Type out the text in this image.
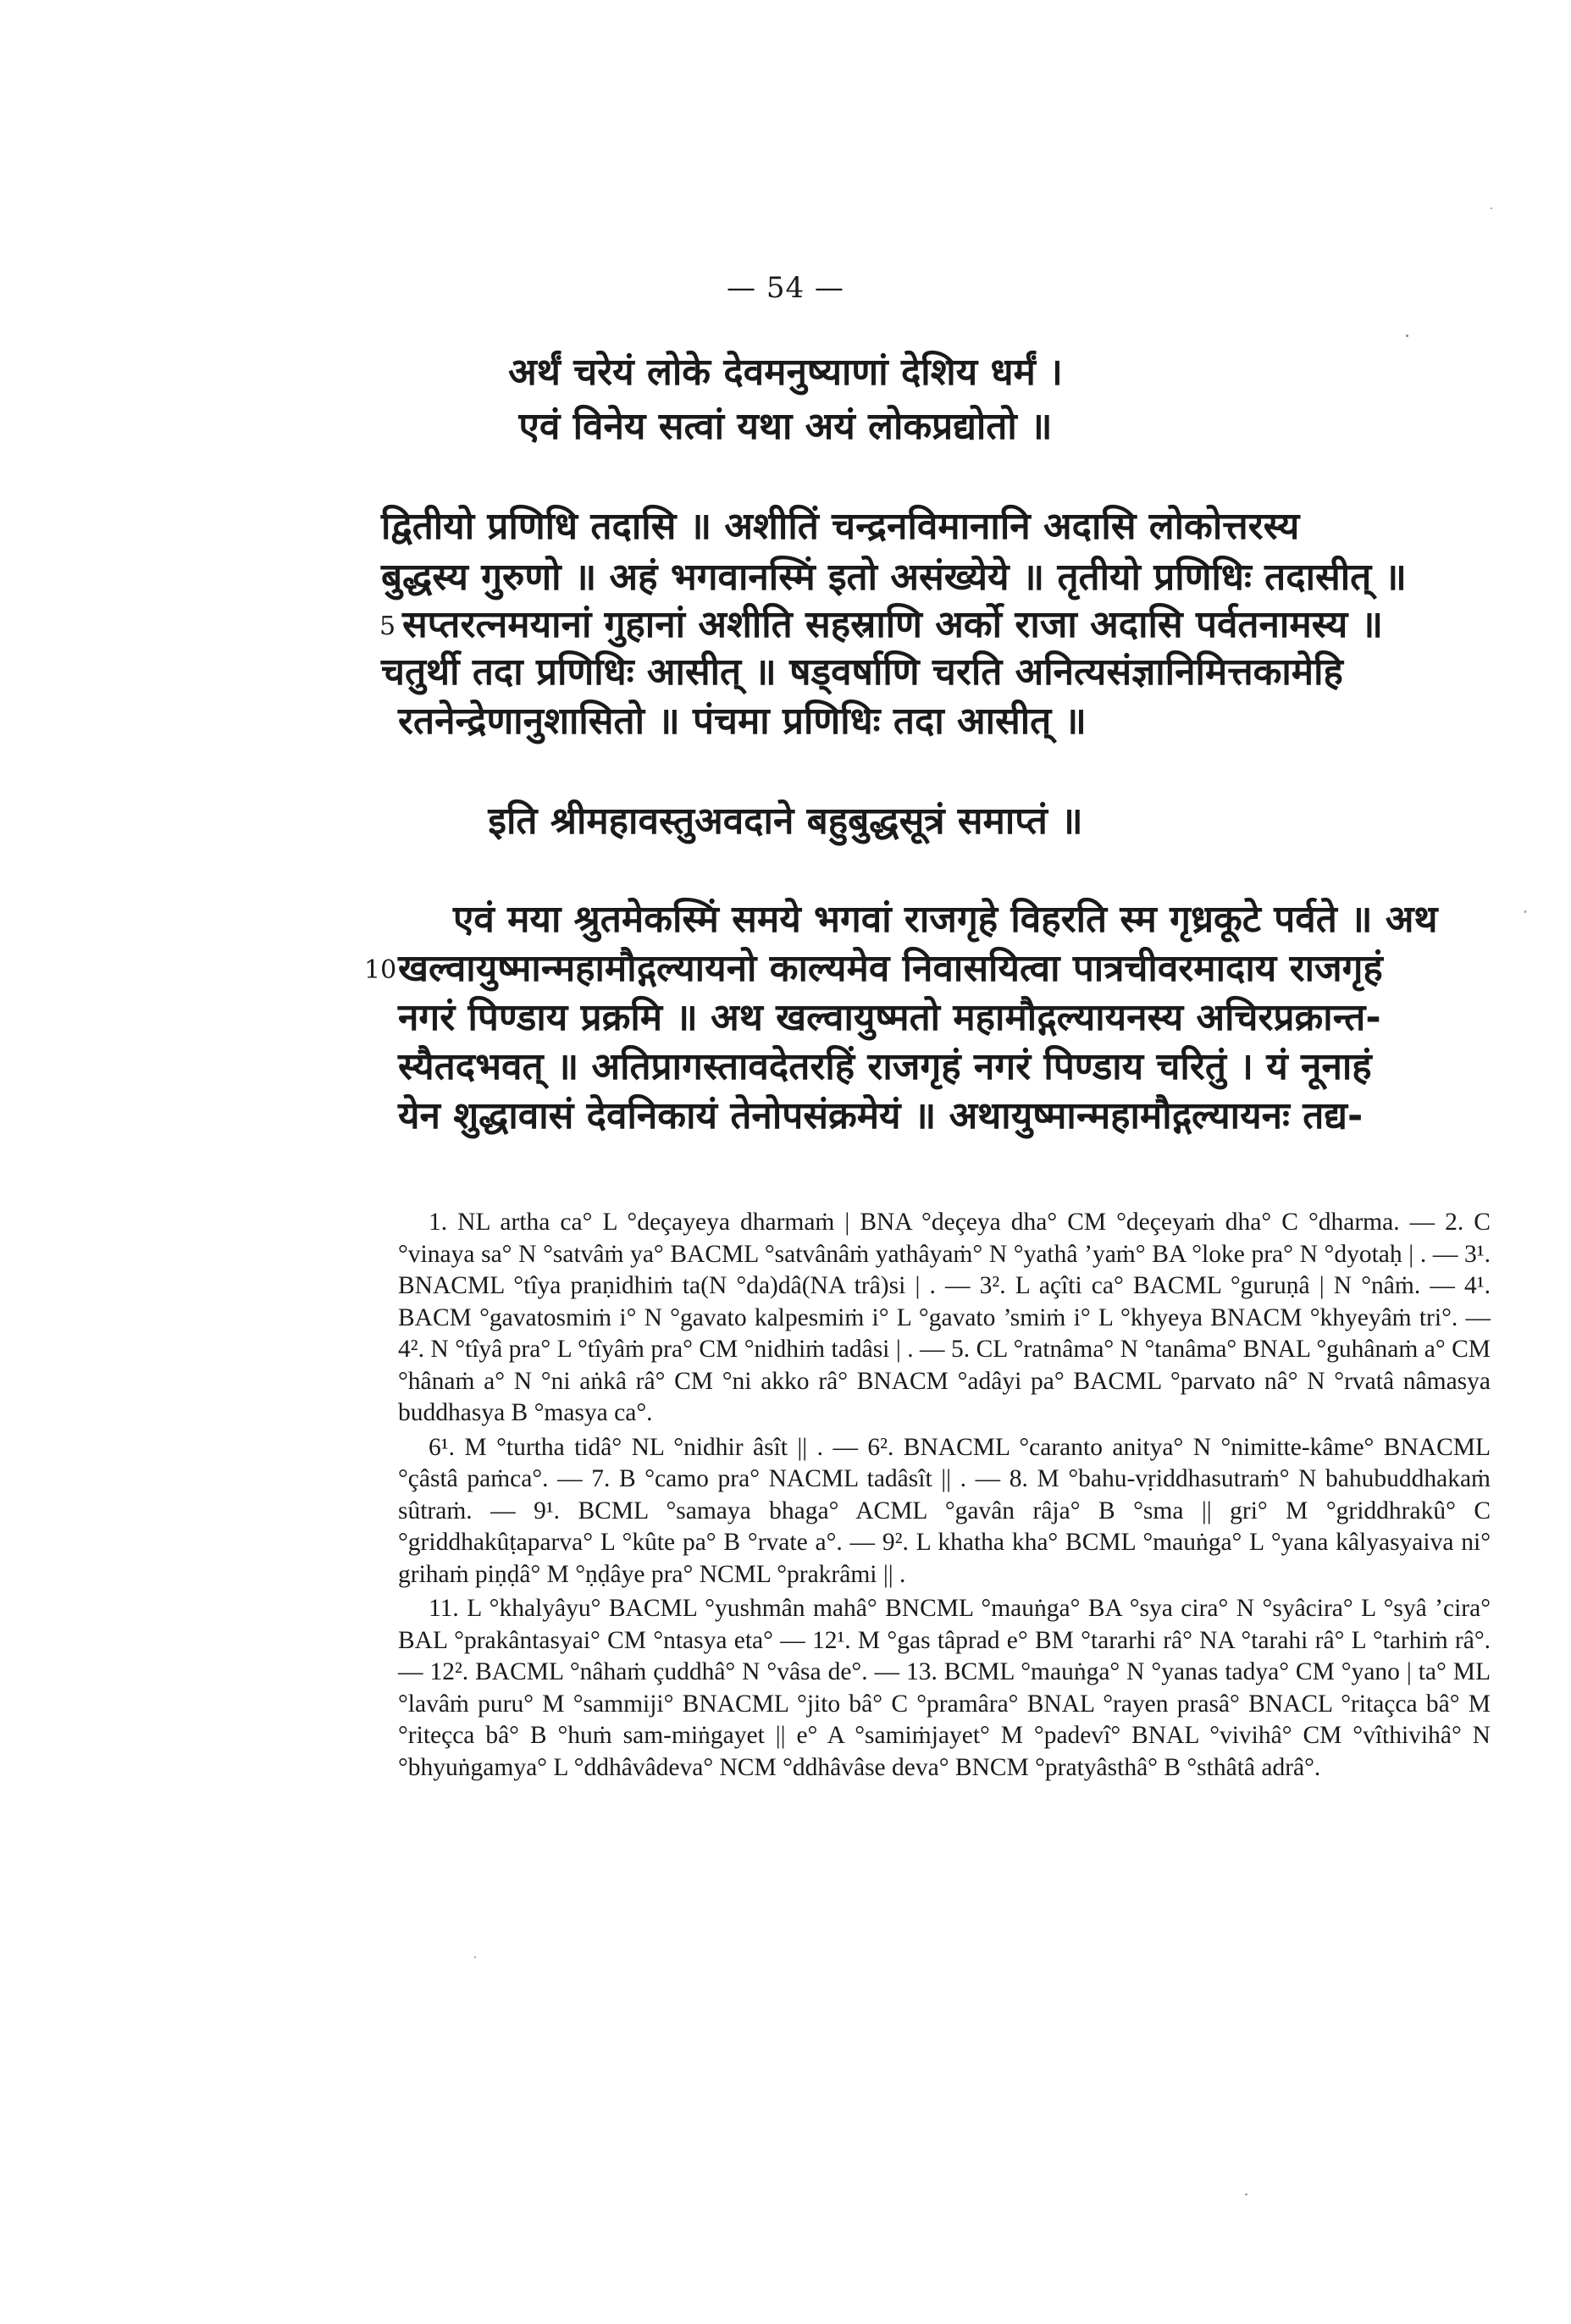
— 54 —
अर्थं चरेयं लोके देवमनुष्याणां देशिय धर्मं ।
एवं विनेय सत्वां यथा अयं लोकप्रद्योतो ॥
द्वितीयो प्रणिधि तदासि ॥ अशीतिं चन्द्रनविमानानि अदासि लोकोत्तरस्य
बुद्धस्य गुरुणो ॥ अहं भगवानस्मिं इतो असंख्येये ॥ तृतीयो प्रणिधिः तदासीत् ॥
5 सप्तरत्नमयानां गुहानां अशीति सहस्राणि अर्को राजा अदासि पर्वतनामस्य ॥
चतुर्थी तदा प्रणिधिः आसीत् ॥ षड्वर्षाणि चरति अनित्यसंज्ञानिमित्तकामेहि
रतनेन्द्रेणानुशासितो ॥ पंचमा प्रणिधिः तदा आसीत् ॥
इति श्रीमहावस्तुअवदाने बहुबुद्धसूत्रं समाप्तं ॥
एवं मया श्रुतमेकस्मिं समये भगवां राजगृहे विहरति स्म गृध्रकूटे पर्वते ॥ अथ
10 खल्वायुष्मान्महामौद्गल्यायनो काल्यमेव निवासयित्वा पात्रचीवरमादाय राजगृहं
नगरं पिण्डाय प्रक्रमि ॥ अथ खल्वायुष्मतो महामौद्गल्यायनस्य अचिरप्रक्रान्त-
स्यैतदभवत् ॥ अतिप्रागस्तावदेतरहिं राजगृहं नगरं पिण्डाय चरितुं । यं नूनाहं
येन शुद्धावासं देवनिकायं तेनोपसंक्रमेयं ॥ अथायुष्मान्महामौद्गल्यायनः तद्य-

1. NL artha ca° L °deçayeya dharmaṁ | BNA °deçeya dha° CM °deçeyaṁ dha° C °dharma. — 2. C °vinaya sa° N °satvâṁ ya° BACML °satvânâṁ yathâyaṁ° N °yathâ ’yaṁ° BA °loke pra° N °dyotaḥ | . — 3¹. BNACML °tîya praṇidhiṁ ta(N °da)dâ(NA trâ)si | . — 3². L açîti ca° BACML °guruṇâ | N °nâṁ. — 4¹. BACM °gavatosmiṁ i° N °gavato kalpesmiṁ i° L °gavato ’smiṁ i° L °khyeya BNACM °khyeyâṁ tri°. — 4². N °tîyâ pra° L °tîyâṁ pra° CM °nidhiṁ tadâsi | . — 5. CL °ratnâma° N °tanâma° BNAL °guhânaṁ a° CM °hânaṁ a° N °ni aṅkâ râ° CM °ni akko râ° BNACM °adâyi pa° BACML °parvato nâ° N °rvatâ nâmasya buddhasya B °masya ca°.

6¹. M °turtha tidâ° NL °nidhir âsît || . — 6². BNACML °caranto anitya° N °nimitte-kâme° BNACML °çâstâ paṁca°. — 7. B °camo pra° NACML tadâsît || . — 8. M °bahu-vṛiddhasutraṁ° N bahubuddhakaṁ sûtraṁ. — 9¹. BCML °samaya bhaga° ACML °gavân râja° B °sma || gri° M °griddhrakû° C °griddhakûṭaparva° L °kûte pa° B °rvate a°. — 9². L khatha kha° BCML °mauṅga° L °yana kâlyasyaiva ni° grihaṁ piṇḍâ° M °ṇḍâye pra° NCML °prakrâmi || .

11. L °khalyâyu° BACML °yushmân mahâ° BNCML °mauṅga° BA °sya cira° N °syâcira° L °syâ ’cira° BAL °prakântasyai° CM °ntasya eta° — 12¹. M °gas tâprad e° BM °tararhi râ° NA °tarahi râ° L °tarhiṁ râ°. — 12². BACML °nâhaṁ çuddhâ° N °vâsa de°. — 13. BCML °mauṅga° N °yanas tadya° CM °yano | ta° ML °lavâṁ puru° M °sammiji° BNACML °jito bâ° C °pramâra° BNAL °rayen prasâ° BNACL °ritaçca bâ° M °riteçca bâ° B °huṁ sam-miṅgayet || e° A °samiṁjayet° M °padevî° BNAL °vivihâ° CM °vîthivihâ° N °bhyuṅgamya° L °ddhâvâdeva° NCM °ddhâvâse deva° BNCM °pratyâsthâ° B °sthâtâ adrâ°.
